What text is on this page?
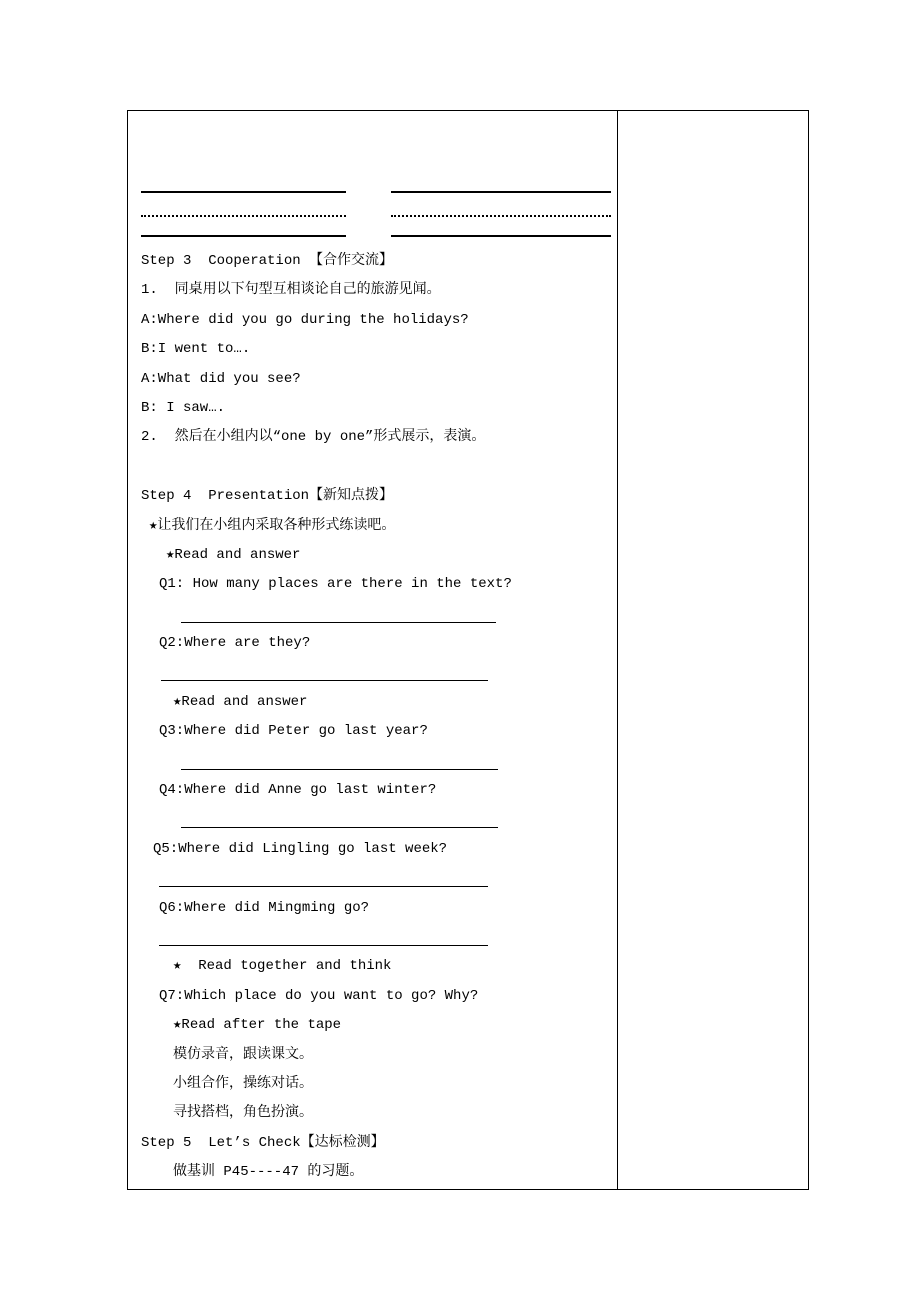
Step 3  Cooperation 【合作交流】
1.  同桌用以下句型互相谈论自己的旅游见闻。
A:Where did you go during the holidays?
B:I went to….
A:What did you see?
B: I saw….
2.  然后在小组内以“one by one”形式展示，表演。

Step 4  Presentation【新知点拨】
★让我们在小组内采取各种形式练读吧。
★Read and answer
Q1: How many places are there in the text?
Q2:Where are they?
★Read and answer
Q3:Where did Peter go last year?
Q4:Where did Anne go last winter?
Q5:Where did Lingling go last week?
Q6:Where did Mingming go?
★  Read together and think
Q7:Which place do you want to go? Why?
★Read after the tape
模仿录音，跟读课文。
小组合作，操练对话。
寻找搭档，角色扮演。
Step 5  Let’s Check【达标检测】
做基训 P45----47 的习题。
